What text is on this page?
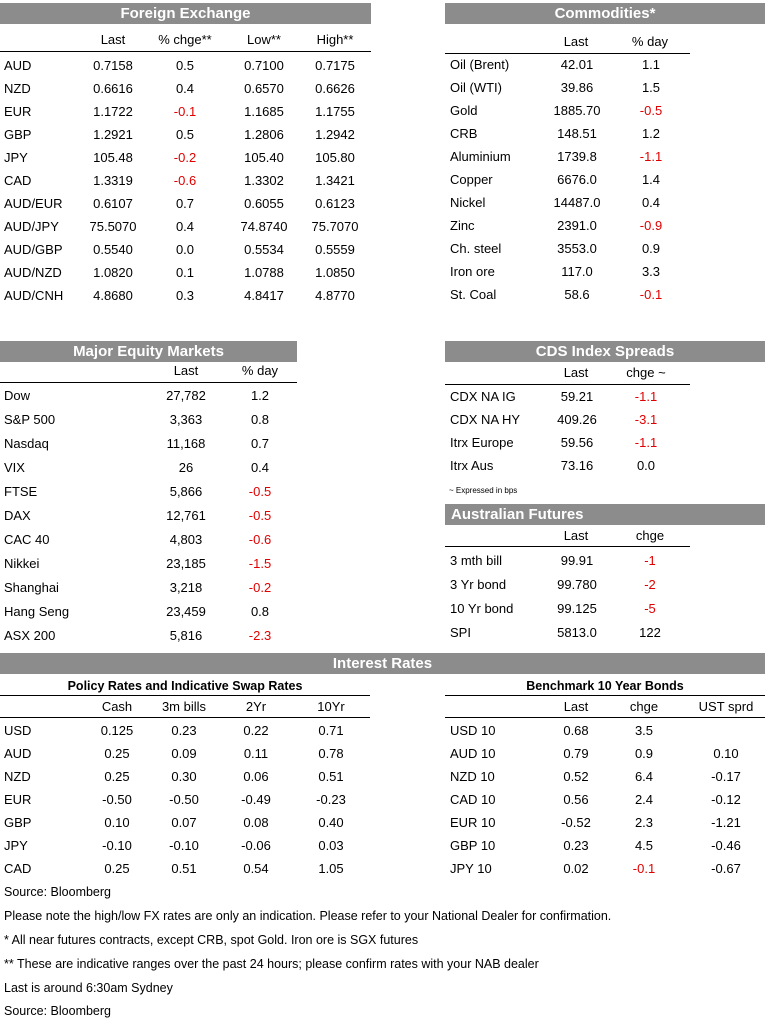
Foreign Exchange
Last	% chge**	Low**	High**
AUD	0.7158	0.5	0.7100	0.7175
NZD	0.6616	0.4	0.6570	0.6626
EUR	1.1722	-0.1	1.1685	1.1755
GBP	1.2921	0.5	1.2806	1.2942
JPY	105.48	-0.2	105.40	105.80
CAD	1.3319	-0.6	1.3302	1.3421
AUD/EUR	0.6107	0.7	0.6055	0.6123
AUD/JPY	75.5070	0.4	74.8740	75.7070
AUD/GBP	0.5540	0.0	0.5534	0.5559
AUD/NZD	1.0820	0.1	1.0788	1.0850
AUD/CNH	4.8680	0.3	4.8417	4.8770
Commodities*
Last	% day
Oil (Brent)	42.01	1.1
Oil (WTI)	39.86	1.5
Gold	1885.70	-0.5
CRB	148.51	1.2
Aluminium	1739.8	-1.1
Copper	6676.0	1.4
Nickel	14487.0	0.4
Zinc	2391.0	-0.9
Ch. steel	3553.0	0.9
Iron ore	117.0	3.3
St. Coal	58.6	-0.1
Major Equity Markets
Last	% day
Dow	27,782	1.2
S&P 500	3,363	0.8
Nasdaq	11,168	0.7
VIX	26	0.4
FTSE	5,866	-0.5
DAX	12,761	-0.5
CAC 40	4,803	-0.6
Nikkei	23,185	-1.5
Shanghai	3,218	-0.2
Hang Seng	23,459	0.8
ASX 200	5,816	-2.3
CDS Index Spreads
Last	chge ~
CDX NA IG	59.21	-1.1
CDX NA HY	409.26	-3.1
Itrx Europe	59.56	-1.1
Itrx Aus	73.16	0.0
~ Expressed in bps
Australian Futures
Last	chge
3 mth bill	99.91	-1
3 Yr bond	99.780	-2
10 Yr bond	99.125	-5
SPI	5813.0	122
Interest Rates
Policy Rates and Indicative Swap Rates	Benchmark 10 Year Bonds
Cash	3m bills	2Yr	10Yr
USD	0.125	0.23	0.22	0.71
AUD	0.25	0.09	0.11	0.78
NZD	0.25	0.30	0.06	0.51
EUR	-0.50	-0.50	-0.49	-0.23
GBP	0.10	0.07	0.08	0.40
JPY	-0.10	-0.10	-0.06	0.03
CAD	0.25	0.51	0.54	1.05
Last	chge	UST sprd
USD 10	0.68	3.5
AUD 10	0.79	0.9	0.10
NZD 10	0.52	6.4	-0.17
CAD 10	0.56	2.4	-0.12
EUR 10	-0.52	2.3	-1.21
GBP 10	0.23	4.5	-0.46
JPY 10	0.02	-0.1	-0.67
Source: Bloomberg
Please note the high/low FX rates are only an indication. Please refer to your National Dealer for confirmation.
* All near futures contracts, except CRB, spot Gold. Iron ore is SGX futures
** These are indicative ranges over the past 24 hours; please confirm rates with your NAB dealer
Last is around 6:30am Sydney
Source: Bloomberg
